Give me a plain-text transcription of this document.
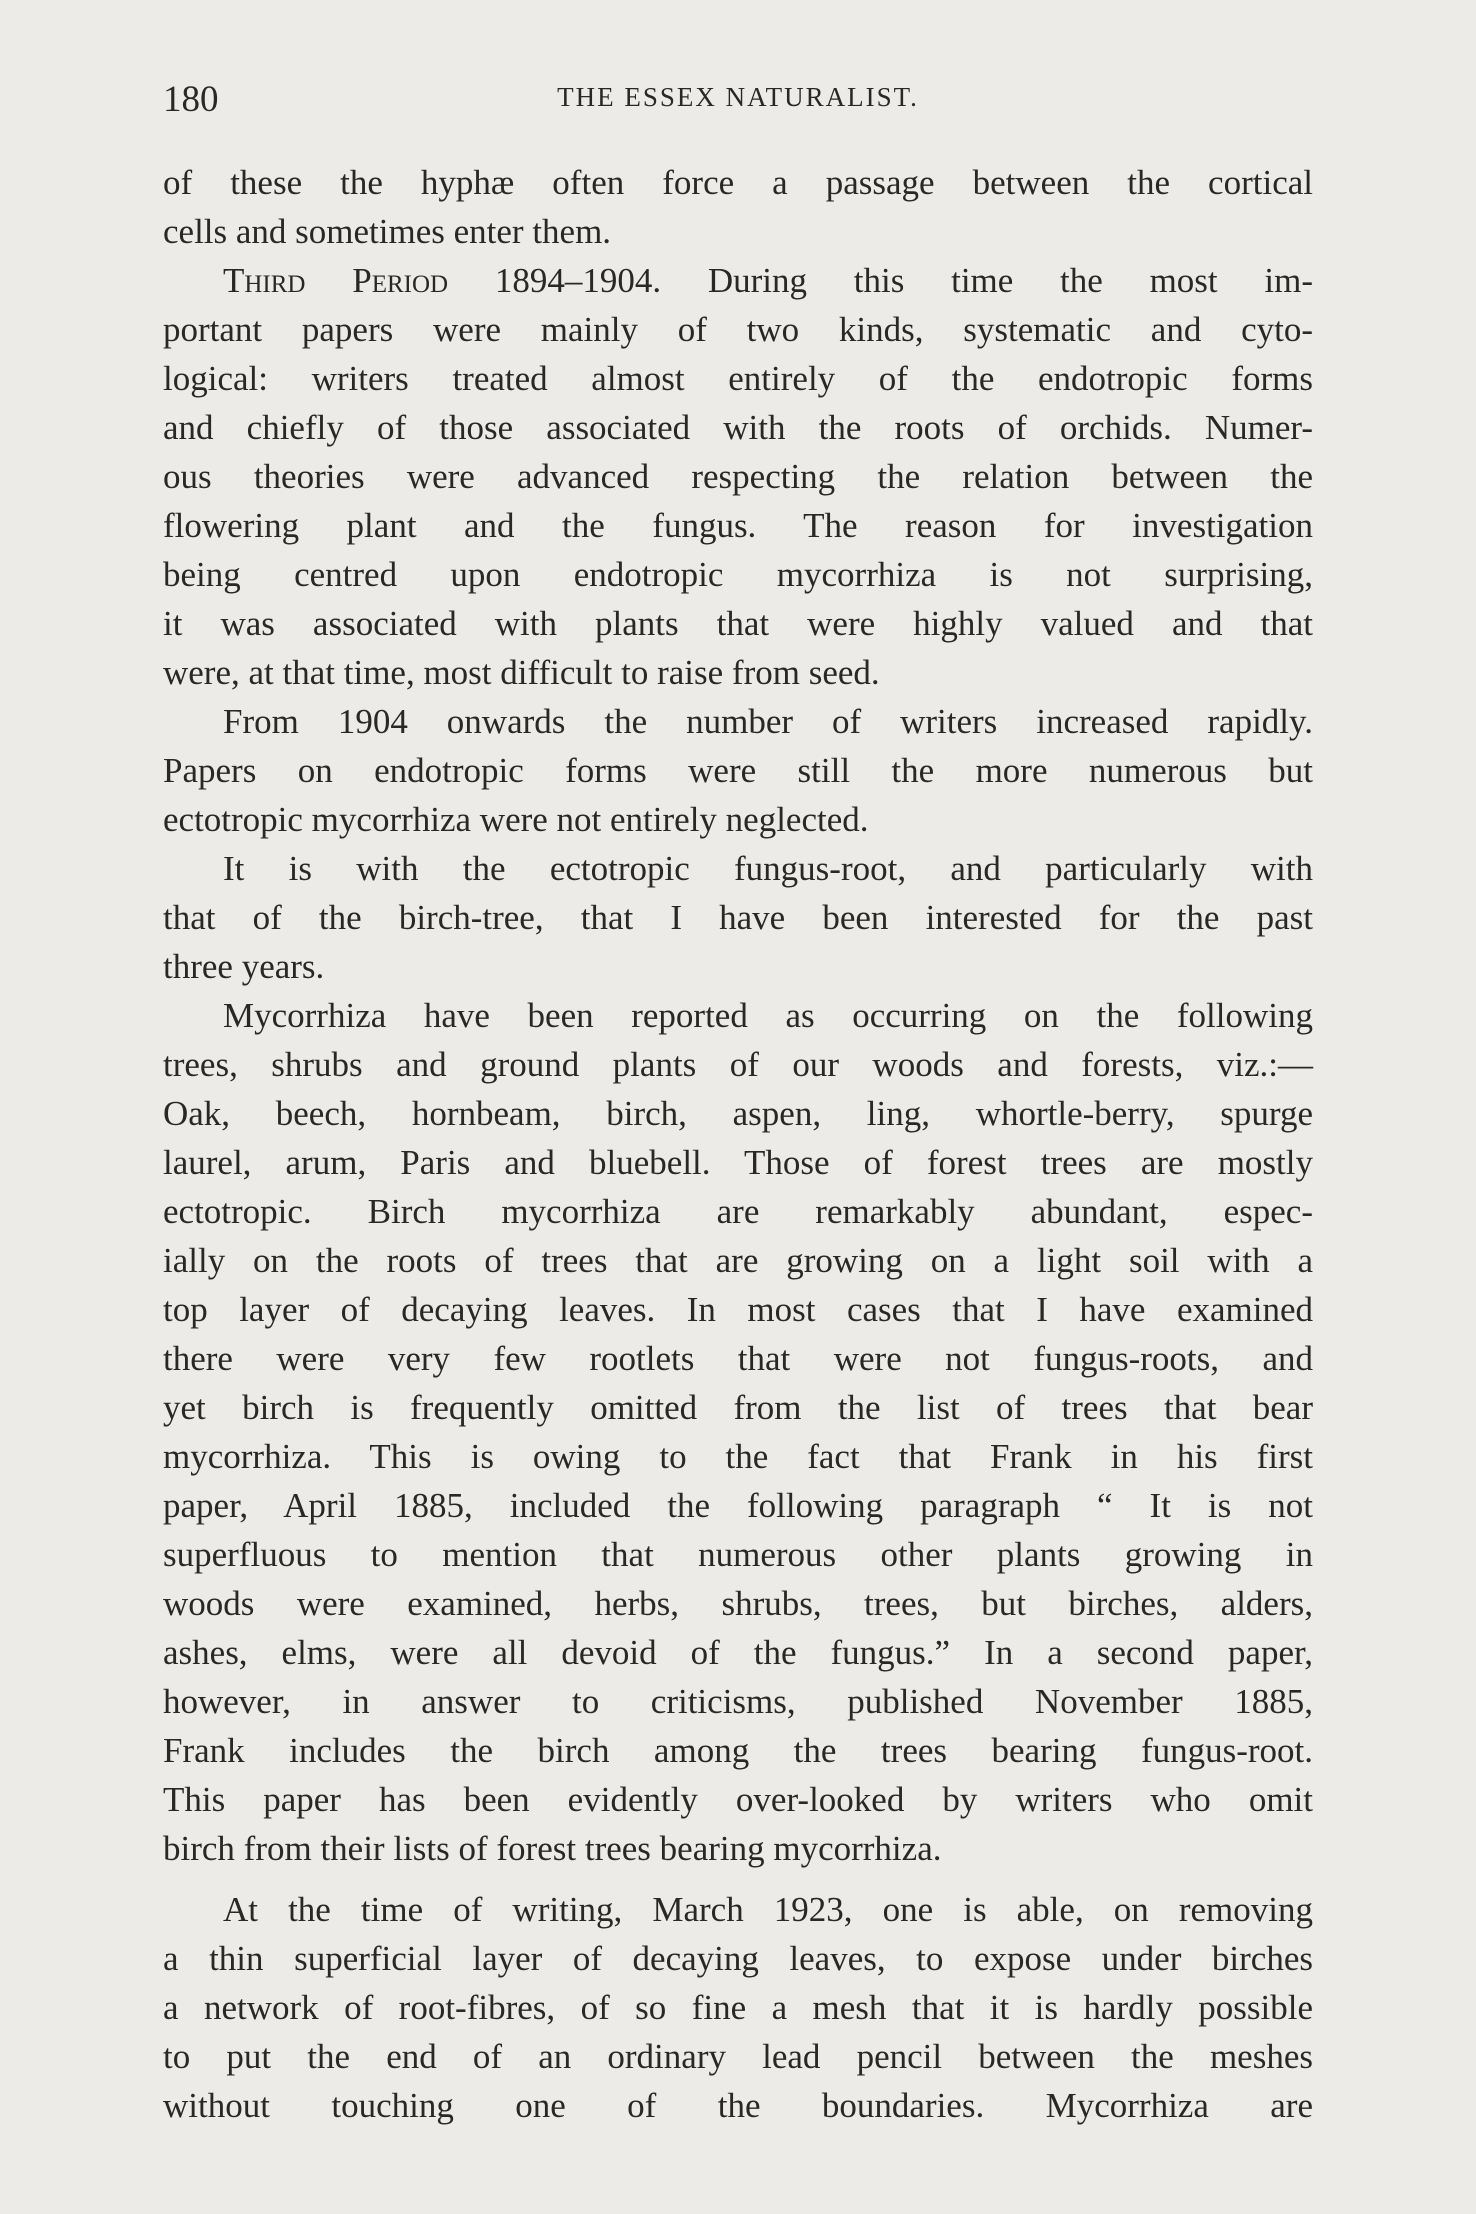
180	THE ESSEX NATURALIST.
of these the hyphæ often force a passage between the cortical
cells and sometimes enter them.
Third Period 1894–1904. During this time the most im-
portant papers were mainly of two kinds, systematic and cyto-
logical: writers treated almost entirely of the endotropic forms
and chiefly of those associated with the roots of orchids. Numer-
ous theories were advanced respecting the relation between the
flowering plant and the fungus. The reason for investigation
being centred upon endotropic mycorrhiza is not surprising,
it was associated with plants that were highly valued and that
were, at that time, most difficult to raise from seed.
From 1904 onwards the number of writers increased rapidly.
Papers on endotropic forms were still the more numerous but
ectotropic mycorrhiza were not entirely neglected.
It is with the ectotropic fungus-root, and particularly with
that of the birch-tree, that I have been interested for the past
three years.
Mycorrhiza have been reported as occurring on the following
trees, shrubs and ground plants of our woods and forests, viz.:—
Oak, beech, hornbeam, birch, aspen, ling, whortle-berry, spurge
laurel, arum, Paris and bluebell. Those of forest trees are mostly
ectotropic. Birch mycorrhiza are remarkably abundant, espec-
ially on the roots of trees that are growing on a light soil with a
top layer of decaying leaves. In most cases that I have examined
there were very few rootlets that were not fungus-roots, and
yet birch is frequently omitted from the list of trees that bear
mycorrhiza. This is owing to the fact that Frank in his first
paper, April 1885, included the following paragraph “ It is not
superfluous to mention that numerous other plants growing in
woods were examined, herbs, shrubs, trees, but birches, alders,
ashes, elms, were all devoid of the fungus.” In a second paper,
however, in answer to criticisms, published November 1885,
Frank includes the birch among the trees bearing fungus-root.
This paper has been evidently over-looked by writers who omit
birch from their lists of forest trees bearing mycorrhiza.
At the time of writing, March 1923, one is able, on removing
a thin superficial layer of decaying leaves, to expose under birches
a network of root-fibres, of so fine a mesh that it is hardly possible
to put the end of an ordinary lead pencil between the meshes
without touching one of the boundaries. Mycorrhiza are
